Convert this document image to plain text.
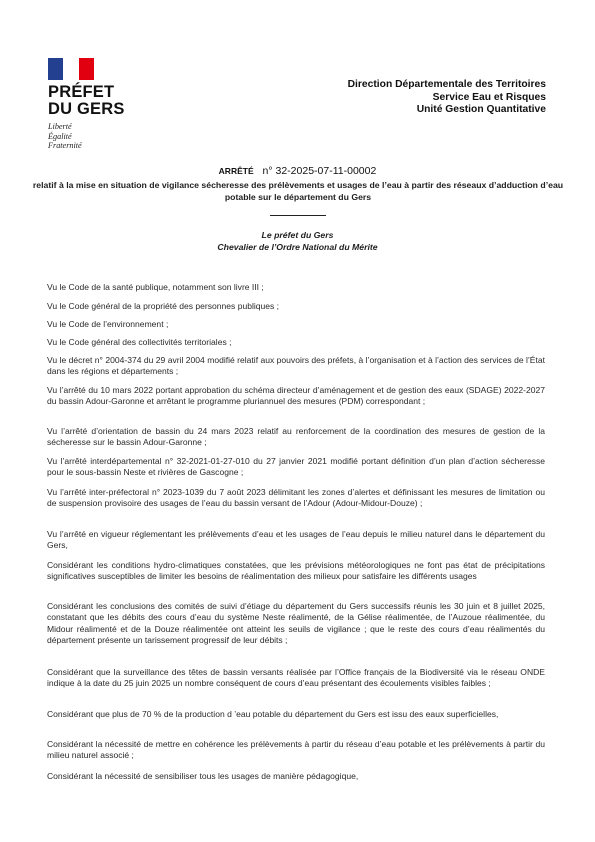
PRÉFET
DU GERS
Liberté
Égalité
Fraternité
Direction Départementale des Territoires
Service Eau et Risques
Unité Gestion Quantitative
ARRÊTÉ n° 32-2025-07-11-00002
relatif à la mise en situation de vigilance sécheresse des prélèvements et usages de l’eau à partir des réseaux d’adduction d’eau potable sur le département du Gers
Le préfet du Gers
Chevalier de l’Ordre National du Mérite
Vu le Code de la santé publique, notamment son livre III ;
Vu le Code général de la propriété des personnes publiques ;
Vu le Code de l’environnement ;
Vu le Code général des collectivités territoriales ;
Vu le décret n° 2004-374 du 29 avril 2004 modifié relatif aux pouvoirs des préfets, à l’organisation et à l’action des services de l’État dans les régions et départements ;
Vu l’arrêté du 10 mars 2022 portant approbation du schéma directeur d’aménagement et de gestion des eaux (SDAGE) 2022-2027 du bassin Adour-Garonne et arrêtant le programme pluriannuel des mesures (PDM) correspondant ;
Vu l’arrêté d’orientation de bassin du 24 mars 2023 relatif au renforcement de la coordination des mesures de gestion de la sécheresse sur le bassin Adour-Garonne ;
Vu l’arrêté interdépartemental n° 32-2021-01-27-010 du 27 janvier 2021 modifié portant définition d’un plan d’action sécheresse pour le sous-bassin Neste et rivières de Gascogne ;
Vu l’arrêté inter-préfectoral n° 2023-1039 du 7 août 2023 délimitant les zones d’alertes et définissant les mesures de limitation ou de suspension provisoire des usages de l’eau du bassin versant de l’Adour (Adour-Midour-Douze) ;
Vu l’arrêté en vigueur réglementant les prélèvements d’eau et les usages de l’eau depuis le milieu naturel dans le département du Gers,
Considérant les conditions hydro-climatiques constatées, que les prévisions météorologiques ne font pas état de précipitations significatives susceptibles de limiter les besoins de réalimentation des milieux pour satisfaire les différents usages
Considérant les conclusions des comités de suivi d’étiage du département du Gers successifs réunis les 30 juin et 8 juillet 2025, constatant que les débits des cours d’eau du système Neste réalimenté, de la Gélise réalimentée, de l’Auzoue réalimentée, du Midour réalimenté et de la Douze réalimentée ont atteint les seuils de vigilance ; que le reste des cours d’eau réalimentés du département présente un tarissement progressif de leur débits ;
Considérant que la surveillance des têtes de bassin versants réalisée par l’Office français de la Biodiversité via le réseau ONDE indique à la date du 25 juin 2025 un nombre conséquent de cours d’eau présentant des écoulements visibles faibles ;
Considérant que plus de 70 % de la production d ’eau potable du département du Gers est issu des eaux superficielles,
Considérant la nécessité de mettre en cohérence les prélèvements à partir du réseau d’eau potable et les prélèvements à partir du milieu naturel associé ;
Considérant la nécessité de sensibiliser tous les usages de manière pédagogique,
